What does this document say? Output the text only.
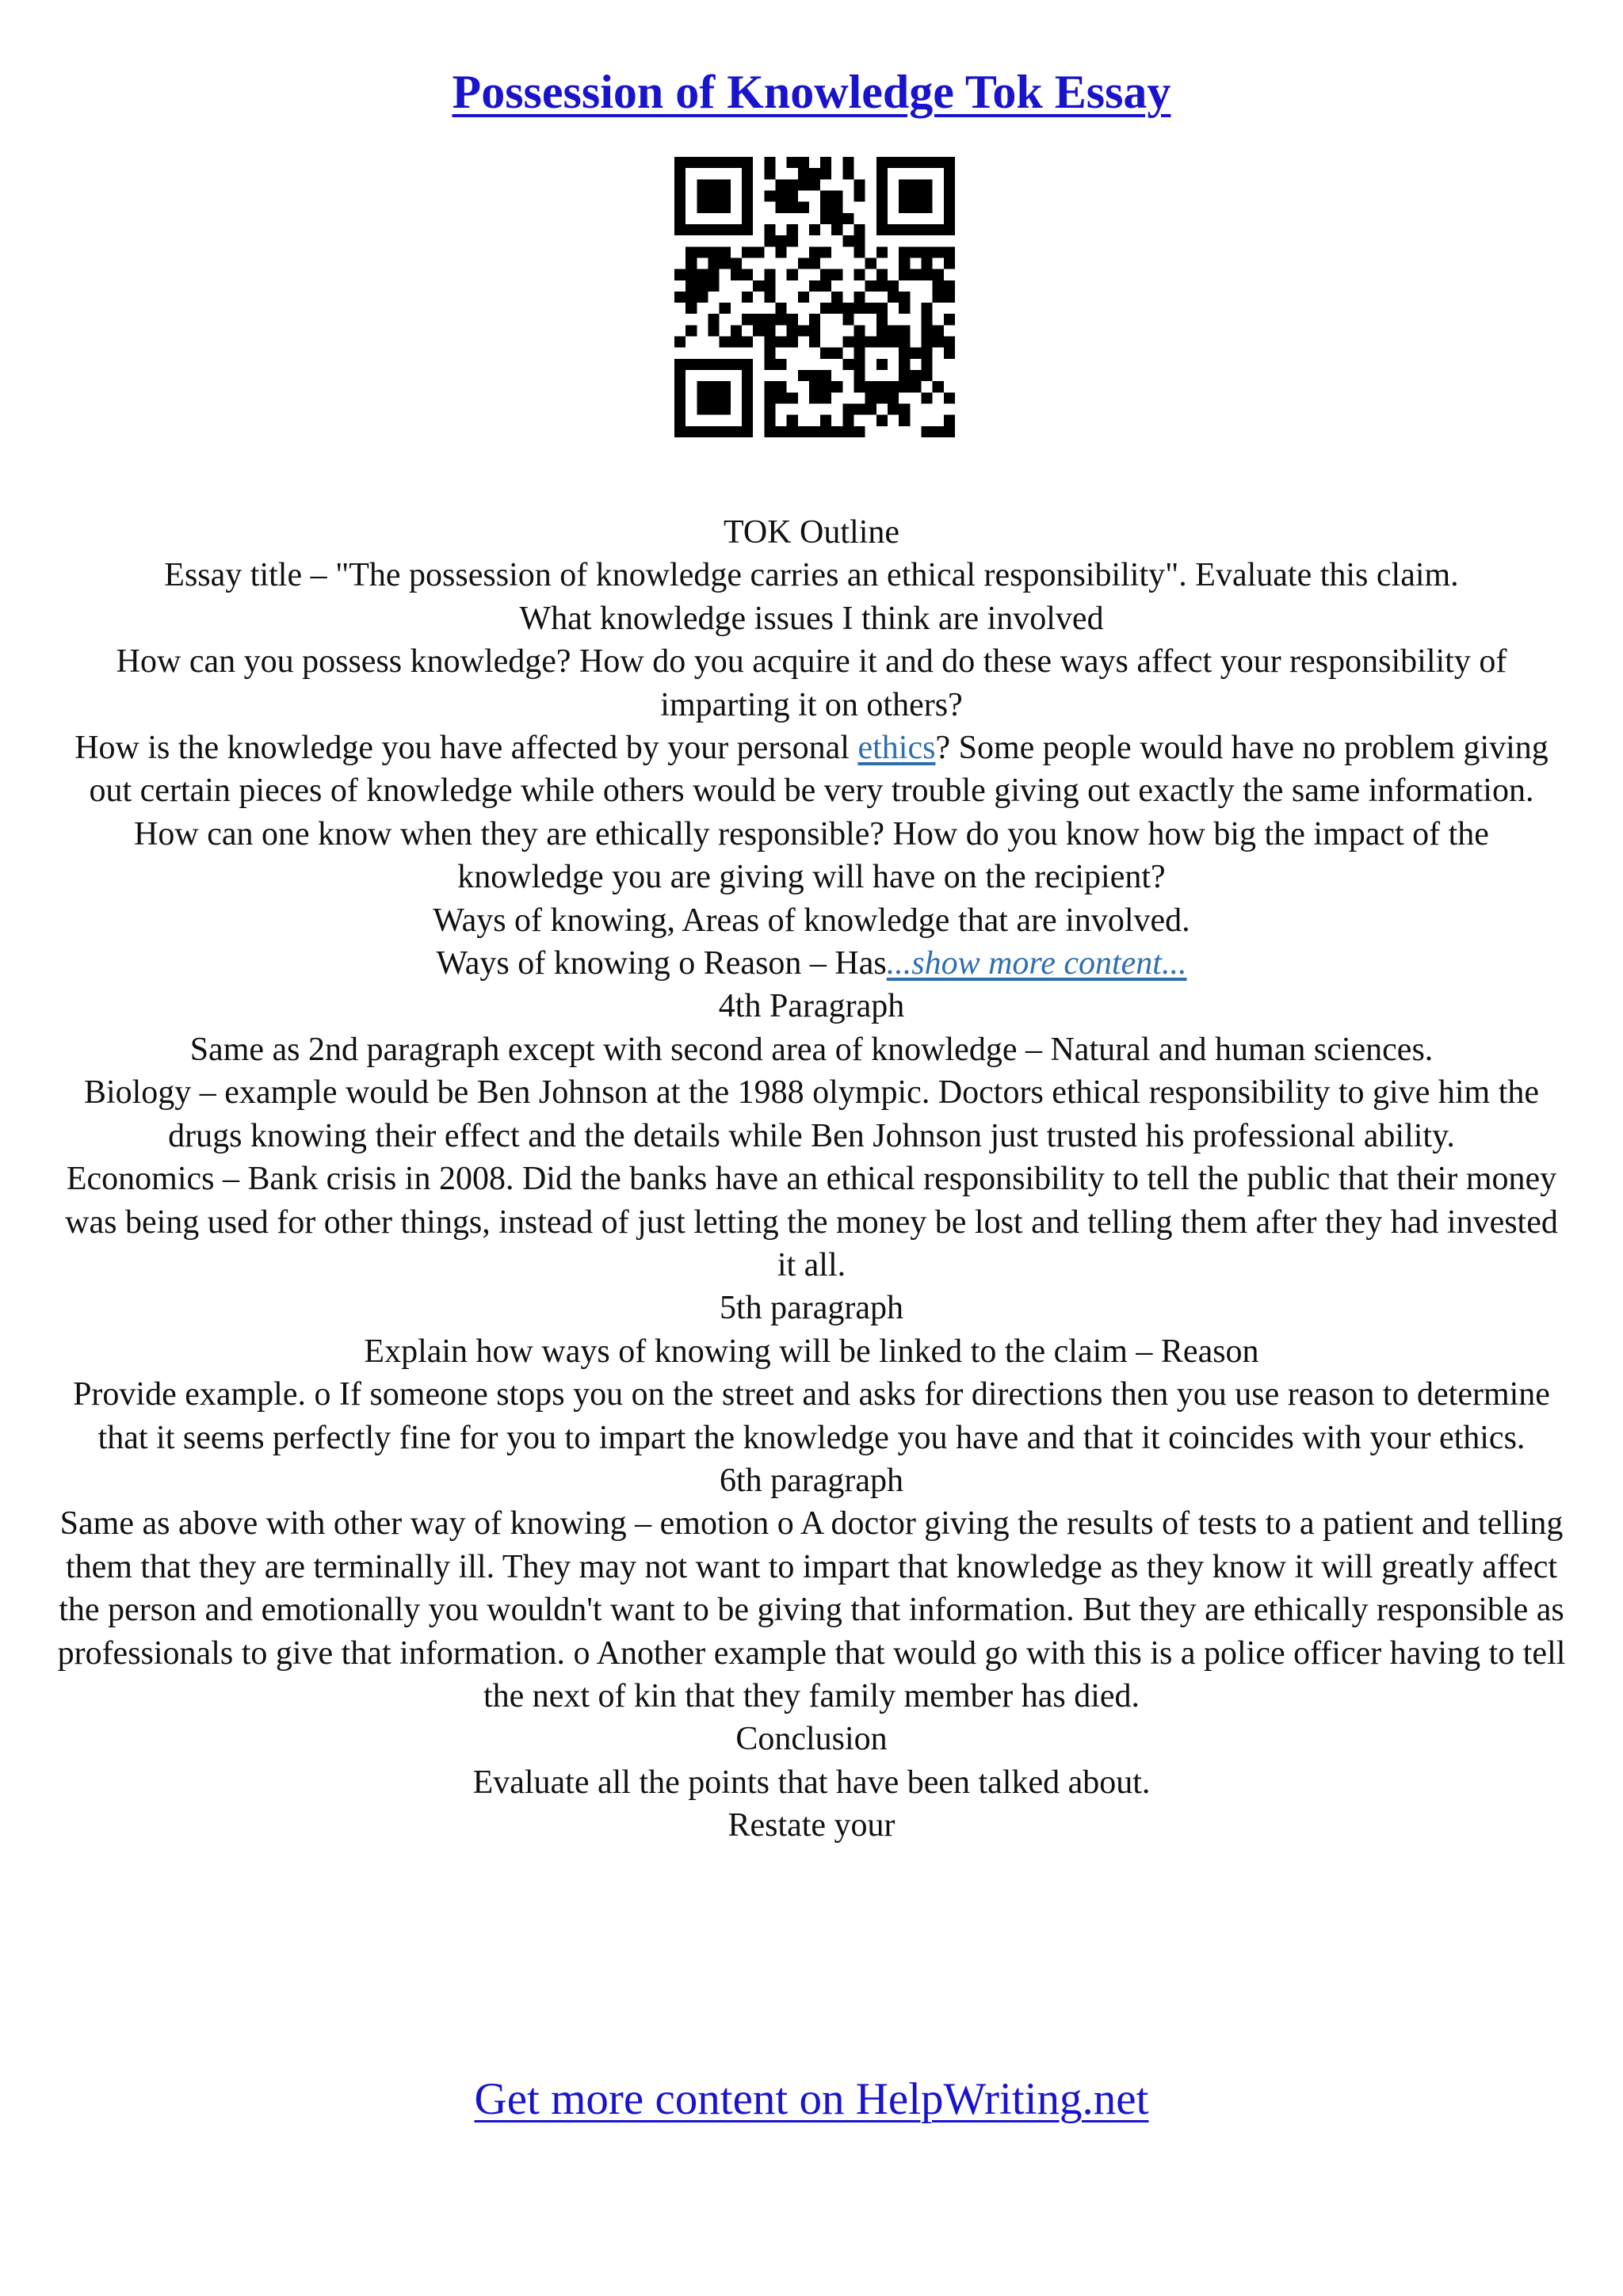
Possession of Knowledge Tok Essay

TOK Outline

Essay title – "The possession of knowledge carries an ethical responsibility". Evaluate this claim.

What knowledge issues I think are involved

How can you possess knowledge? How do you acquire it and do these ways affect your responsibility of imparting it on others?

How is the knowledge you have affected by your personal ethics? Some people would have no problem giving out certain pieces of knowledge while others would be very trouble giving out exactly the same information.

How can one know when they are ethically responsible? How do you know how big the impact of the knowledge you are giving will have on the recipient?

Ways of knowing, Areas of knowledge that are involved.

Ways of knowing o Reason – Has...show more content...

4th Paragraph

Same as 2nd paragraph except with second area of knowledge – Natural and human sciences.

Biology – example would be Ben Johnson at the 1988 olympic. Doctors ethical responsibility to give him the drugs knowing their effect and the details while Ben Johnson just trusted his professional ability.

Economics – Bank crisis in 2008. Did the banks have an ethical responsibility to tell the public that their money was being used for other things, instead of just letting the money be lost and telling them after they had invested it all.

5th paragraph

Explain how ways of knowing will be linked to the claim – Reason

Provide example. o If someone stops you on the street and asks for directions then you use reason to determine that it seems perfectly fine for you to impart the knowledge you have and that it coincides with your ethics.

6th paragraph

Same as above with other way of knowing – emotion o A doctor giving the results of tests to a patient and telling them that they are terminally ill. They may not want to impart that knowledge as they know it will greatly affect the person and emotionally you wouldn't want to be giving that information. But they are ethically responsible as professionals to give that information. o Another example that would go with this is a police officer having to tell the next of kin that they family member has died.

Conclusion

Evaluate all the points that have been talked about.

Restate your

Get more content on HelpWriting.net
